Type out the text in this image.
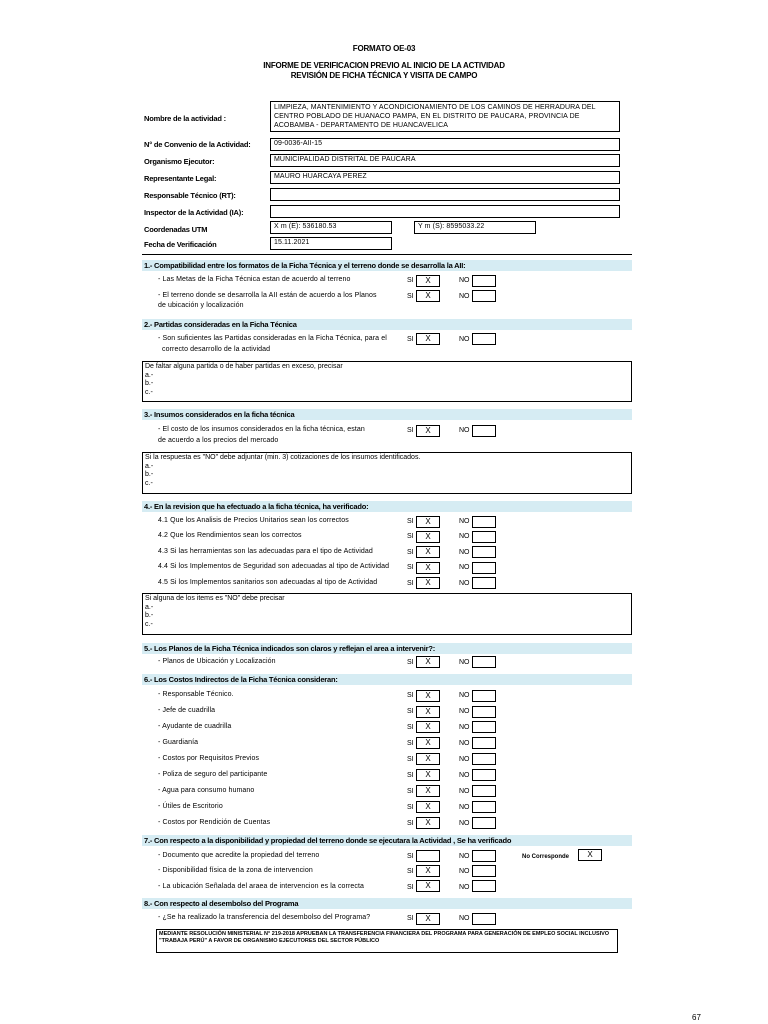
FORMATO OE-03
INFORME DE VERIFICACION PREVIO AL INICIO DE LA ACTIVIDAD
REVISIÓN DE FICHA TÉCNICA Y VISITA DE CAMPO
Nombre de la actividad :
LIMPIEZA, MANTENIMIENTO Y ACONDICIONAMIENTO DE LOS CAMINOS DE HERRADURA DEL CENTRO POBLADO DE HUANACO PAMPA, EN EL DISTRITO DE PAUCARA, PROVINCIA DE ACOBAMBA - DEPARTAMENTO DE HUANCAVELICA
N° de Convenio de la Actividad:	09-0036-AII-15
Organismo Ejecutor:	MUNICIPALIDAD DISTRITAL DE PAUCARA
Representante Legal:	MAURO HUARCAYA PEREZ
Responsable Técnico (RT):
Inspector de la Actividad (IA):
Coordenadas UTM	X m (E): 536180.53	Y m (S): 8595033.22
Fecha de Verificación	15.11.2021
1.- Compatibilidad entre los formatos de la Ficha Técnica y el terreno donde se desarrolla la AII:
- Las Metas de la Ficha Técnica estan de acuerdo al terreno	SI	X	NO
- El terreno donde se desarrolla la AII están de acuerdo a los Planos
de ubicación y localización
SI	X	NO
2.- Partidas consideradas en la Ficha Técnica
- Son suficientes las Partidas consideradas en la Ficha Técnica, para el
correcto desarrollo de la actividad
SI	X	NO
De faltar alguna partida o de haber partidas en exceso, precisar
a.-
b.-
c.-
3.- Insumos considerados en la ficha técnica
- El costo de los insumos considerados en la ficha técnica, estan
de acuerdo a los precios del mercado
SI	X	NO
Si la respuesta es "NO" debe adjuntar (min. 3) cotizaciones de los insumos identificados.
a.-
b.-
c.-
4.- En la revision que ha efectuado a la ficha técnica, ha verificado:
4.1 Que los Analisis de Precios Unitarios sean los correctos	SI	X	NO
4.2 Que los Rendimientos sean los correctos	SI	X	NO
4.3 Si las herramientas son las adecuadas para el tipo de Actividad	SI	X	NO
4.4 Si los Implementos de Seguridad son adecuadas al tipo de Actividad	SI	X	NO
4.5 Si los Implementos sanitarios son adecuadas al tipo de Actividad	SI	X	NO
Si alguna de los items es "NO" debe precisar
a.-
b.-
c.-
5.- Los Planos de la Ficha Técnica indicados son claros y reflejan el area a intervenir?:
- Planos de Ubicación y Localización	SI	X	NO
6.- Los Costos Indirectos de la Ficha Técnica consideran:
- Responsable Técnico.	SI	X	NO
- Jefe de cuadrilla	SI	X	NO
- Ayudante de cuadrilla	SI	X	NO
- Guardianía	SI	X	NO
- Costos por Requisitos Previos	SI	X	NO
- Poliza de seguro del participante	SI	X	NO
- Agua para consumo humano	SI	X	NO
- Útiles de Escritorio	SI	X	NO
- Costos por Rendición de Cuentas	SI	X	NO
7.- Con respecto a la disponibilidad y propiedad del terreno donde se ejecutara la Actividad , Se ha verificado
- Documento que acredite la propiedad del terreno	SI	NO	No Corresponde	X
- Disponibilidad física de la zona de intervencion	SI	X	NO
- La ubicación Señalada del araea de intervencion es la correcta	SI	X	NO
8.- Con respecto al desembolso del Programa
- ¿Se ha realizado la transferencia del desembolso del Programa?	SI	X	NO
MEDIANTE RESOLUCIÓN MINISTERIAL N° 219-2018 APRUEBAN LA TRANSFERENCIA FINANCIERA DEL PROGRAMA PARA GENERACIÓN DE EMPLEO SOCIAL INCLUSIVO "TRABAJA PERÚ" A FAVOR DE ORGANISMO EJECUTORES DEL SECTOR PÚBLICO
67
